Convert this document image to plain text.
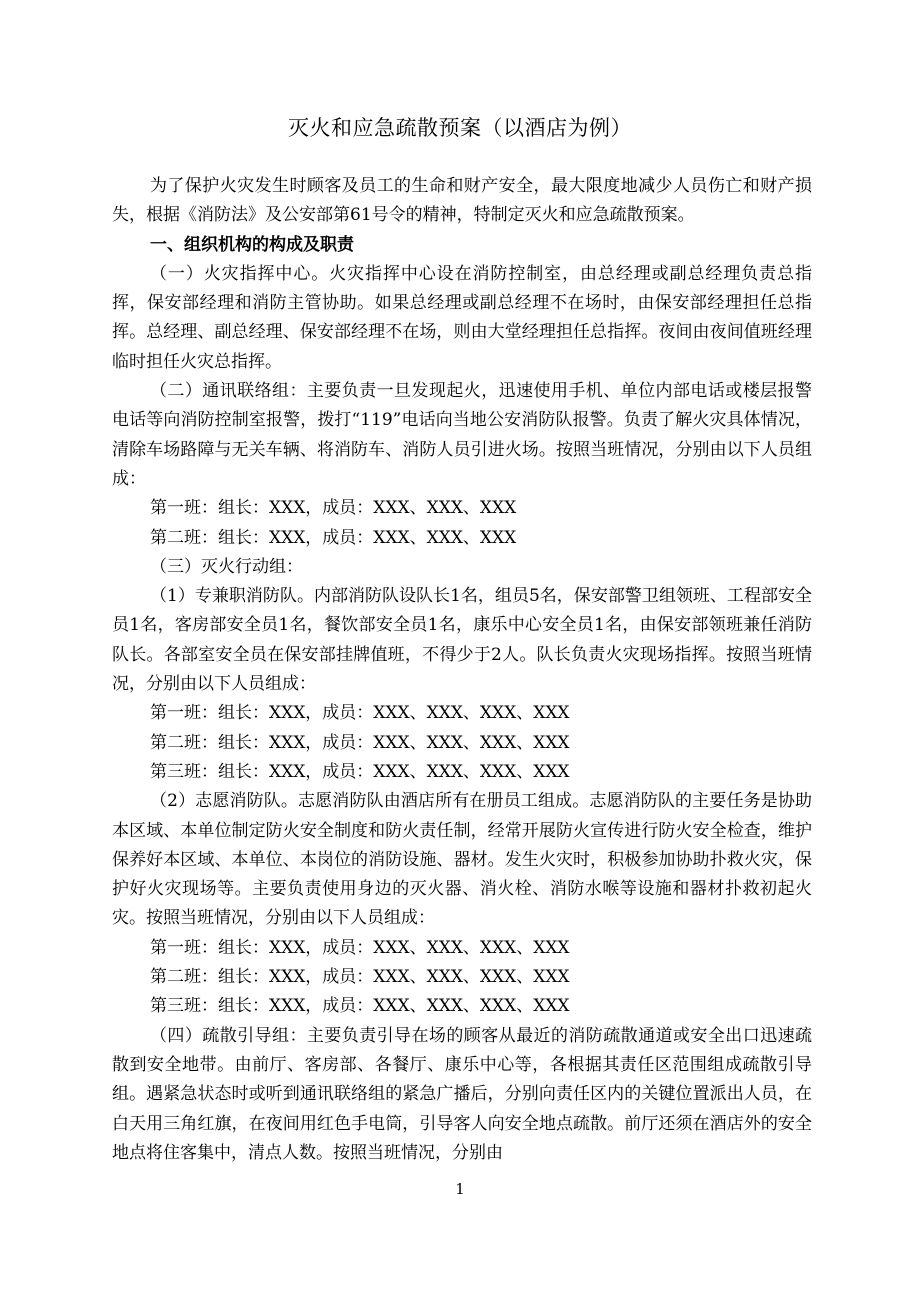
灭火和应急疏散预案（以酒店为例）

为了保护火灾发生时顾客及员工的生命和财产安全，最大限度地减少人员伤亡和财产损失，根据《消防法》及公安部第61号令的精神，特制定灭火和应急疏散预案。

一、组织机构的构成及职责

（一）火灾指挥中心。火灾指挥中心设在消防控制室，由总经理或副总经理负责总指挥，保安部经理和消防主管协助。如果总经理或副总经理不在场时，由保安部经理担任总指挥。总经理、副总经理、保安部经理不在场，则由大堂经理担任总指挥。夜间由夜间值班经理临时担任火灾总指挥。

（二）通讯联络组：主要负责一旦发现起火，迅速使用手机、单位内部电话或楼层报警电话等向消防控制室报警，拨打“119”电话向当地公安消防队报警。负责了解火灾具体情况，清除车场路障与无关车辆、将消防车、消防人员引进火场。按照当班情况，分别由以下人员组成：

第一班：组长：XXX，成员：XXX、XXX、XXX

第二班：组长：XXX，成员：XXX、XXX、XXX

（三）灭火行动组：

（1）专兼职消防队。内部消防队设队长1名，组员5名，保安部警卫组领班、工程部安全员1名，客房部安全员1名，餐饮部安全员1名，康乐中心安全员1名，由保安部领班兼任消防队长。各部室安全员在保安部挂牌值班，不得少于2人。队长负责火灾现场指挥。按照当班情况，分别由以下人员组成：

第一班：组长：XXX，成员：XXX、XXX、XXX、XXX

第二班：组长：XXX，成员：XXX、XXX、XXX、XXX

第三班：组长：XXX，成员：XXX、XXX、XXX、XXX

（2）志愿消防队。志愿消防队由酒店所有在册员工组成。志愿消防队的主要任务是协助本区域、本单位制定防火安全制度和防火责任制，经常开展防火宣传进行防火安全检查，维护保养好本区域、本单位、本岗位的消防设施、器材。发生火灾时，积极参加协助扑救火灾，保护好火灾现场等。主要负责使用身边的灭火器、消火栓、消防水喉等设施和器材扑救初起火灾。按照当班情况，分别由以下人员组成：

第一班：组长：XXX，成员：XXX、XXX、XXX、XXX

第二班：组长：XXX，成员：XXX、XXX、XXX、XXX

第三班：组长：XXX，成员：XXX、XXX、XXX、XXX

（四）疏散引导组：主要负责引导在场的顾客从最近的消防疏散通道或安全出口迅速疏散到安全地带。由前厅、客房部、各餐厅、康乐中心等，各根据其责任区范围组成疏散引导组。遇紧急状态时或听到通讯联络组的紧急广播后，分别向责任区内的关键位置派出人员，在白天用三角红旗，在夜间用红色手电筒，引导客人向安全地点疏散。前厅还须在酒店外的安全地点将住客集中，清点人数。按照当班情况，分别由

1
